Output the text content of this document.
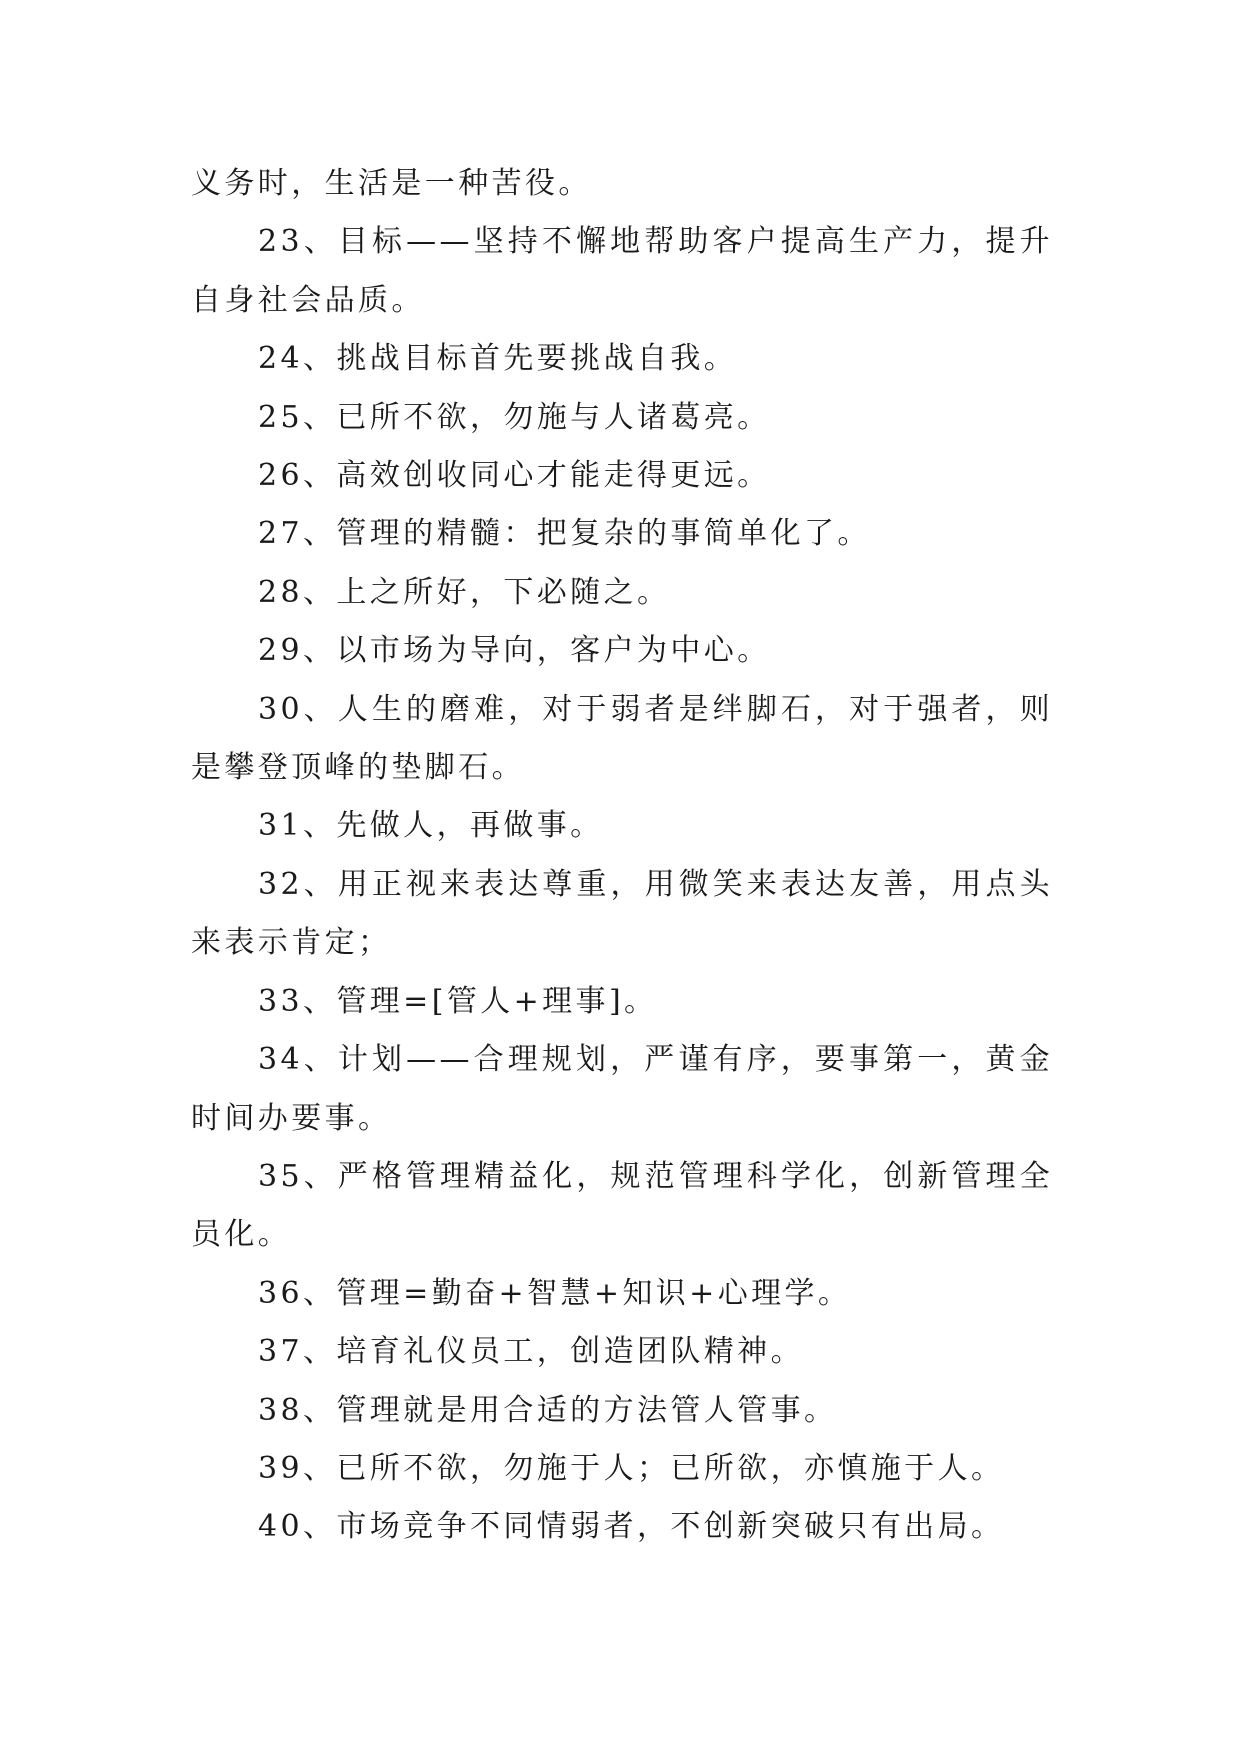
义务时，生活是一种苦役。

23、目标——坚持不懈地帮助客户提高生产力，提升自身社会品质。

24、挑战目标首先要挑战自我。

25、已所不欲，勿施与人诸葛亮。

26、高效创收同心才能走得更远。

27、管理的精髓：把复杂的事简单化了。

28、上之所好，下必随之。

29、以市场为导向，客户为中心。

30、人生的磨难，对于弱者是绊脚石，对于强者，则是攀登顶峰的垫脚石。

31、先做人，再做事。

32、用正视来表达尊重，用微笑来表达友善，用点头来表示肯定；

33、管理=[管人+理事]。

34、计划——合理规划，严谨有序，要事第一，黄金时间办要事。

35、严格管理精益化，规范管理科学化，创新管理全员化。

36、管理=勤奋+智慧+知识+心理学。

37、培育礼仪员工，创造团队精神。

38、管理就是用合适的方法管人管事。

39、已所不欲，勿施于人；已所欲，亦慎施于人。

40、市场竞争不同情弱者，不创新突破只有出局。
